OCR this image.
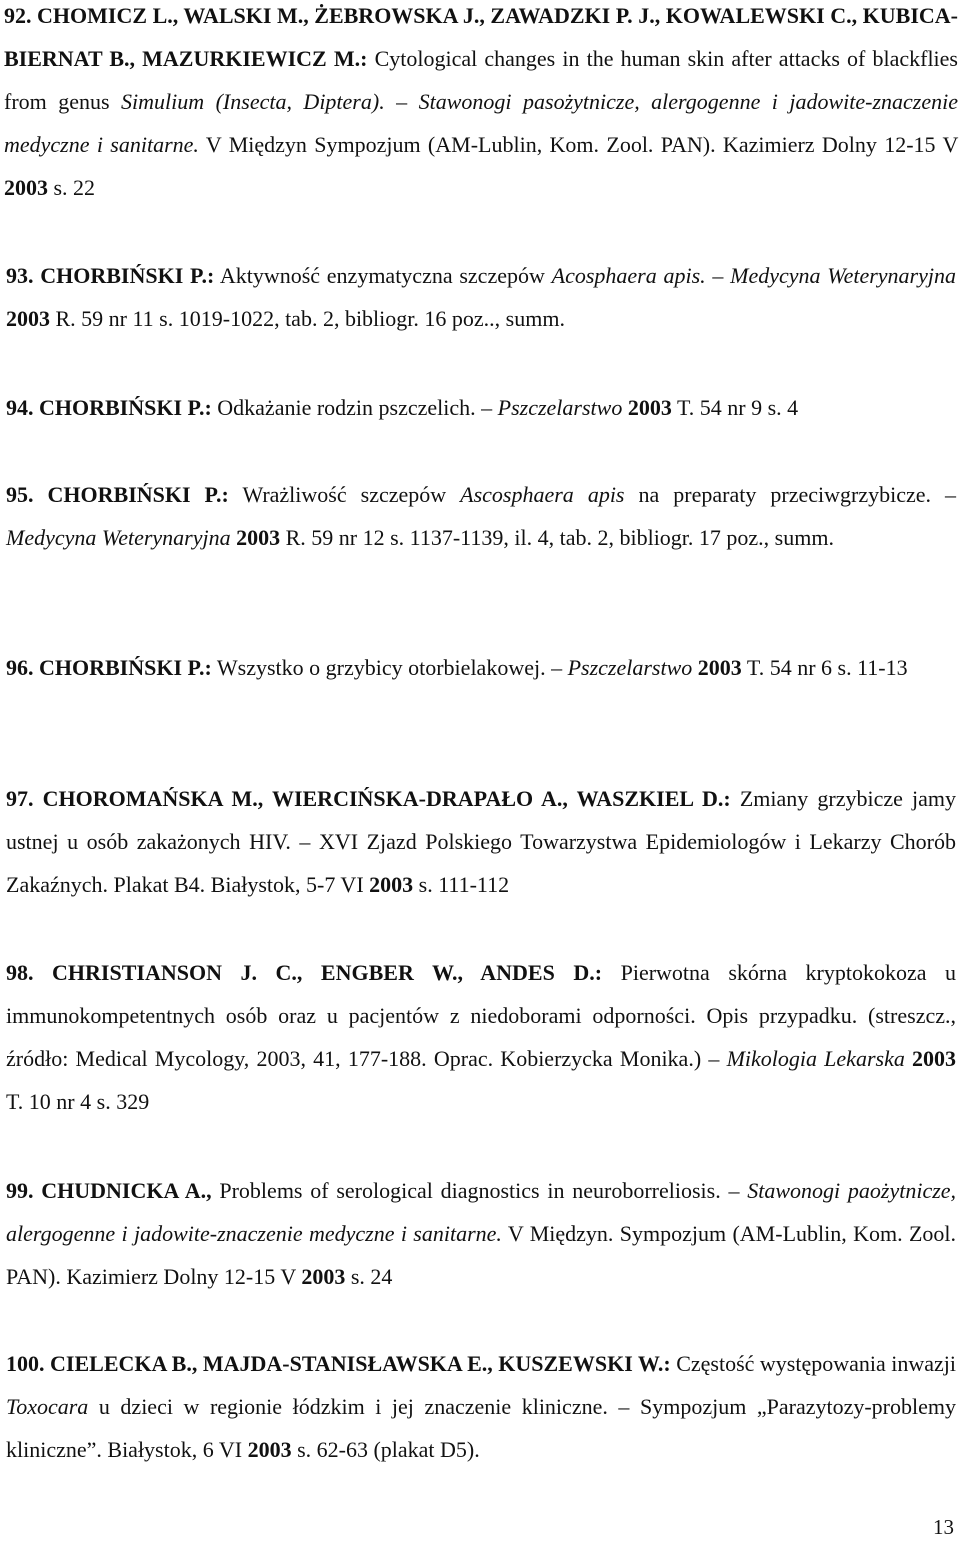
92. CHOMICZ L., WALSKI M., ŻEBROWSKA J., ZAWADZKI P. J., KOWALEWSKI C., KUBICA-BIERNAT B., MAZURKIEWICZ M.: Cytological changes in the human skin after attacks of blackflies from genus Simulium (Insecta, Diptera). – Stawonogi pasożytnicze, alergogenne i jadowite-znaczenie medyczne i sanitarne. V Międzyn Sympozjum (AM-Lublin, Kom. Zool. PAN). Kazimierz Dolny 12-15 V 2003 s. 22

93. CHORBIŃSKI P.: Aktywność enzymatyczna szczepów Acosphaera apis. – Medycyna Weterynaryjna 2003 R. 59 nr 11 s. 1019-1022, tab. 2, bibliogr. 16 poz.., summ.

94. CHORBIŃSKI P.: Odkażanie rodzin pszczelich. – Pszczelarstwo 2003 T. 54 nr 9 s. 4

95. CHORBIŃSKI P.: Wrażliwość szczepów Ascosphaera apis na preparaty przeciwgrzybicze. – Medycyna Weterynaryjna 2003 R. 59 nr 12 s. 1137-1139, il. 4, tab. 2, bibliogr. 17 poz., summ.

96. CHORBIŃSKI P.: Wszystko o grzybicy otorbielakowej. – Pszczelarstwo 2003 T. 54 nr 6 s. 11-13

97. CHOROMAŃSKA M., WIERCIŃSKA-DRAPAŁO A., WASZKIEL D.: Zmiany grzybicze jamy ustnej u osób zakażonych HIV. – XVI Zjazd Polskiego Towarzystwa Epidemiologów i Lekarzy Chorób Zakaźnych. Plakat B4. Białystok, 5-7 VI 2003 s. 111-112

98. CHRISTIANSON J. C., ENGBER W., ANDES D.: Pierwotna skórna kryptokokoza u immunokompetentnych osób oraz u pacjentów z niedoborami odporności. Opis przypadku. (streszcz., źródło: Medical Mycology, 2003, 41, 177-188. Oprac. Kobierzycka Monika.) – Mikologia Lekarska 2003 T. 10 nr 4 s. 329

99. CHUDNICKA A., Problems of serological diagnostics in neuroborreliosis. – Stawonogi paożytnicze, alergogenne i jadowite-znaczenie medyczne i sanitarne. V Międzyn. Sympozjum (AM-Lublin, Kom. Zool. PAN). Kazimierz Dolny 12-15 V 2003 s. 24

100. CIELECKA B., MAJDA-STANISŁAWSKA E., KUSZEWSKI W.: Częstość występowania inwazji Toxocara u dzieci w regionie łódzkim i jej znaczenie kliniczne. – Sympozjum „Parazytozy-problemy kliniczne”. Białystok, 6 VI 2003 s. 62-63 (plakat D5).

13
